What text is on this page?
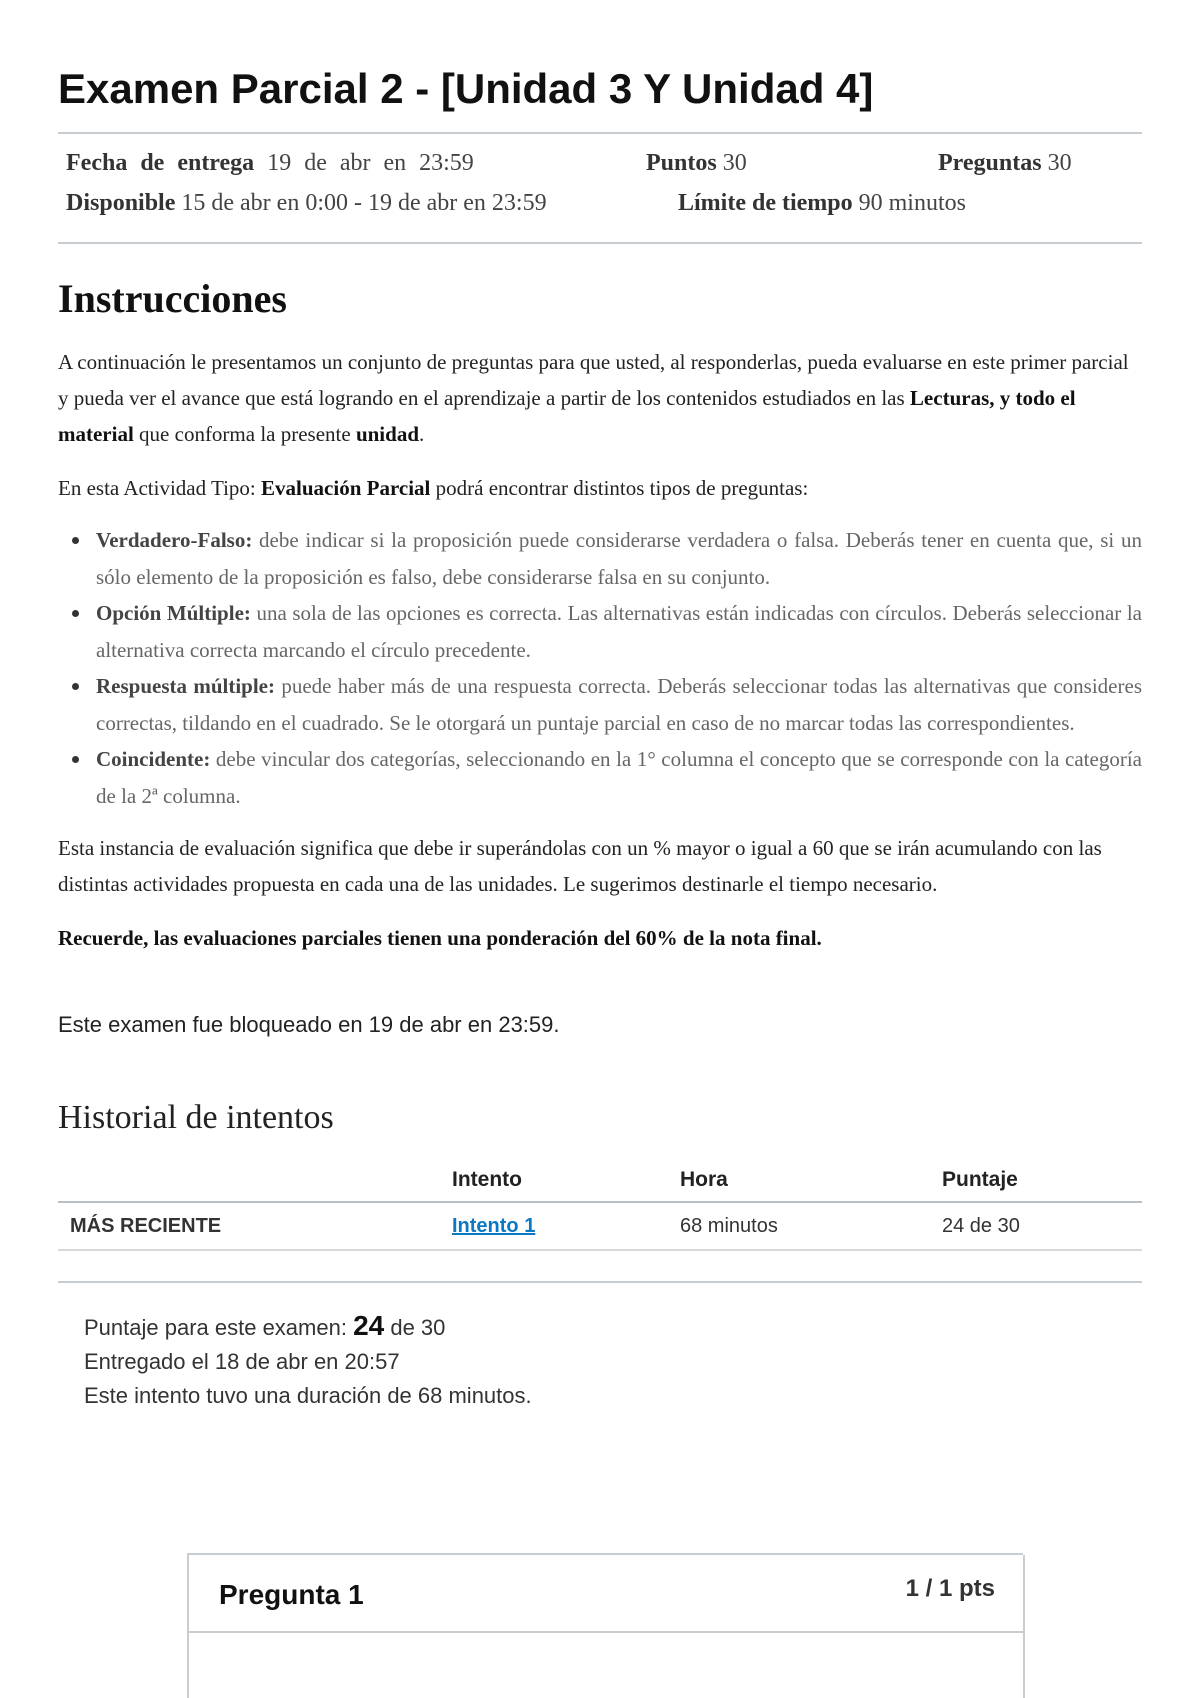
Examen Parcial 2 - [Unidad 3 Y Unidad 4]
Fecha de entrega 19 de abr en 23:59	Puntos 30	Preguntas 30
Disponible 15 de abr en 0:00 - 19 de abr en 23:59	Límite de tiempo 90 minutos
Instrucciones

A continuación le presentamos un conjunto de preguntas para que usted, al responderlas, pueda evaluarse en este primer parcial y pueda ver el avance que está logrando en el aprendizaje a partir de los contenidos estudiados en las Lecturas, y todo el material que conforma la presente unidad.

En esta Actividad Tipo: Evaluación Parcial podrá encontrar distintos tipos de preguntas:

Verdadero-Falso: debe indicar si la proposición puede considerarse verdadera o falsa. Deberás tener en cuenta que, si un sólo elemento de la proposición es falso, debe considerarse falsa en su conjunto.
Opción Múltiple: una sola de las opciones es correcta. Las alternativas están indicadas con círculos. Deberás seleccionar la alternativa correcta marcando el círculo precedente.
Respuesta múltiple: puede haber más de una respuesta correcta. Deberás seleccionar todas las alternativas que consideres correctas, tildando en el cuadrado. Se le otorgará un puntaje parcial en caso de no marcar todas las correspondientes.
Coincidente: debe vincular dos categorías, seleccionando en la 1° columna el concepto que se corresponde con la categoría de la 2ª columna.

Esta instancia de evaluación significa que debe ir superándolas con un % mayor o igual a 60 que se irán acumulando con las distintas actividades propuesta en cada una de las unidades. Le sugerimos destinarle el tiempo necesario.

Recuerde, las evaluaciones parciales tienen una ponderación del 60% de la nota final.

Este examen fue bloqueado en 19 de abr en 23:59.

Historial de intentos
	Intento	Hora	Puntaje
MÁS RECIENTE	Intento 1	68 minutos	24 de 30
Puntaje para este examen: 24 de 30
Entregado el 18 de abr en 20:57
Este intento tuvo una duración de 68 minutos.
Pregunta 1	1 / 1 pts
